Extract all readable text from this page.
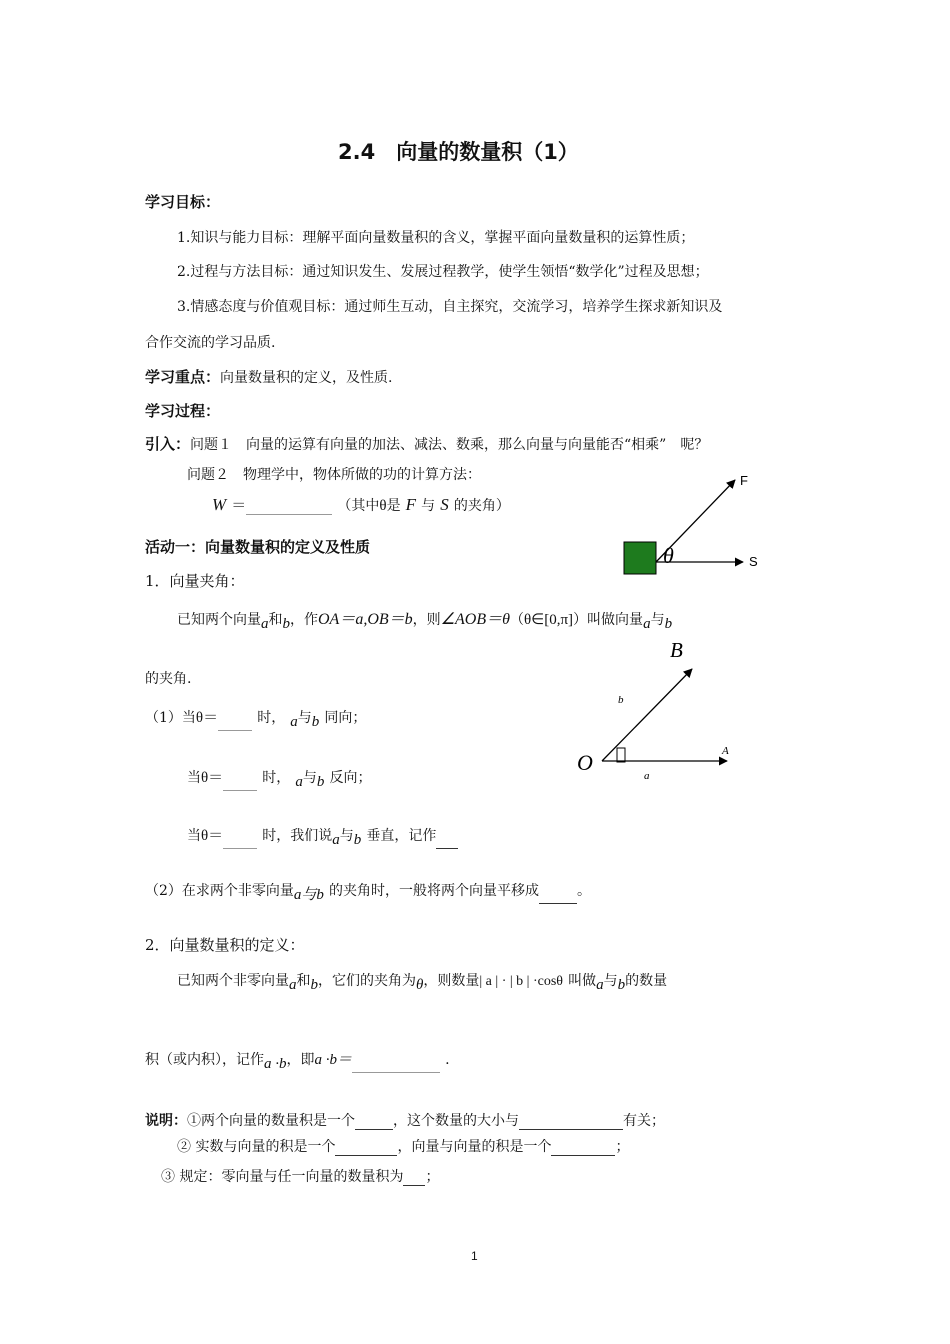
2.4　向量的数量积（1）
学习目标：
1.知识与能力目标：理解平面向量数量积的含义，掌握平面向量数量积的运算性质；
2.过程与方法目标：通过知识发生、发展过程教学，使学生领悟“数学化”过程及思想；
3.情感态度与价值观目标：通过师生互动，自主探究，交流学习，培养学生探求新知识及
合作交流的学习品质.
学习重点：向量数量积的定义，及性质.
学习过程：
引入：问题１　向量的运算有向量的加法、减法、数乘，那么向量与向量能否“相乘”　呢？
问题２　物理学中，物体所做的功的计算方法：
W ＝	（其中θ是 F 与 S 的夹角）
F
S
θ
活动一：向量数量积的定义及性质
1．向量夹角：
已知两个向量$_a$和$_b$，作OA＝a,OB＝b，则∠AOB＝θ（θ∈[0,π]）叫做向量$_a$与$_b$
的夹角.
（1）当θ＝	时， $_a$与$_b$ 同向；
当θ＝	时， $_a$与$_b$ 反向；
当θ＝	时，我们说$_a$与$_b$ 垂直，记作
（2）在求两个非零向量$_{a与b}$ 的夹角时，一般将两个向量平移成	。
O
B
A
b
a
2．向量数量积的定义：
已知两个非零向量$_a$和$_b$，它们的夹角为$_\theta$，则数量| a | · | b | ·cosθ 叫做$_a$与$_b$的数量
积（或内积），记作$_{a \cdot b}$，即a ·b＝	.
说明：①两个向量的数量积是一个	，这个数量的大小与	有关；
② 实数与向量的积是一个	，向量与向量的积是一个	；
③ 规定：零向量与任一向量的数量积为 ；
1
